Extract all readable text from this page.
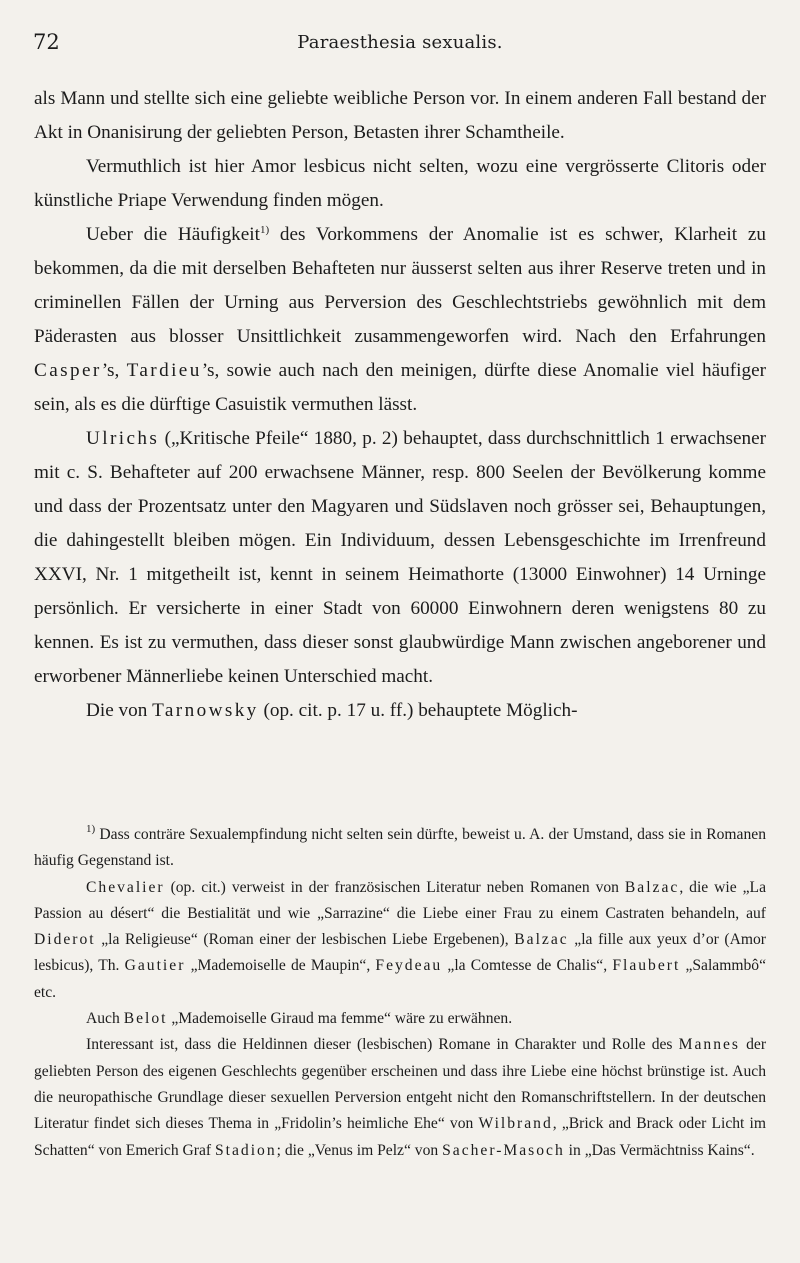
72	Paraesthesia sexualis.

als Mann und stellte sich eine geliebte weibliche Person vor. In einem anderen Fall bestand der Akt in Onanisirung der geliebten Person, Betasten ihrer Schamtheile.

Vermuthlich ist hier Amor lesbicus nicht selten, wozu eine vergrösserte Clitoris oder künstliche Priape Verwendung finden mögen.

Ueber die Häufigkeit$^{1)}$ des Vorkommens der Anomalie ist es schwer, Klarheit zu bekommen, da die mit derselben Behafteten nur äusserst selten aus ihrer Reserve treten und in criminellen Fällen der Urning aus Perversion des Geschlechtstriebs gewöhnlich mit dem Päderasten aus blosser Unsittlichkeit zusammengeworfen wird. Nach den Erfahrungen Casper’s, Tardieu’s, sowie auch nach den meinigen, dürfte diese Anomalie viel häufiger sein, als es die dürftige Casuistik vermuthen lässt.

Ulrichs („Kritische Pfeile“ 1880, p. 2) behauptet, dass durchschnittlich 1 erwachsener mit c. S. Behafteter auf 200 erwachsene Männer, resp. 800 Seelen der Bevölkerung komme und dass der Prozentsatz unter den Magyaren und Südslaven noch grösser sei, Behauptungen, die dahingestellt bleiben mögen. Ein Individuum, dessen Lebensgeschichte im Irrenfreund XXVI, Nr. 1 mitgetheilt ist, kennt in seinem Heimathorte (13000 Einwohner) 14 Urninge persönlich. Er versicherte in einer Stadt von 60000 Einwohnern deren wenigstens 80 zu kennen. Es ist zu vermuthen, dass dieser sonst glaubwürdige Mann zwischen angeborener und erworbener Männerliebe keinen Unterschied macht.

Die von Tarnowsky (op. cit. p. 17 u. ff.) behauptete Möglich-

$^{1)}$ Dass conträre Sexualempfindung nicht selten sein dürfte, beweist u. A. der Umstand, dass sie in Romanen häufig Gegenstand ist.

Chevalier (op. cit.) verweist in der französischen Literatur neben Romanen von Balzac, die wie „La Passion au désert“ die Bestialität und wie „Sarrazine“ die Liebe einer Frau zu einem Castraten behandeln, auf Diderot „la Religieuse“ (Roman einer der lesbischen Liebe Ergebenen), Balzac „la fille aux yeux d’or (Amor lesbicus), Th. Gautier „Mademoiselle de Maupin“, Feydeau „la Comtesse de Chalis“, Flaubert „Salammbô“ etc.

Auch Belot „Mademoiselle Giraud ma femme“ wäre zu erwähnen.

Interessant ist, dass die Heldinnen dieser (lesbischen) Romane in Charakter und Rolle des Mannes der geliebten Person des eigenen Geschlechts gegenüber erscheinen und dass ihre Liebe eine höchst brünstige ist. Auch die neuropathische Grundlage dieser sexuellen Perversion entgeht nicht den Romanschriftstellern. In der deutschen Literatur findet sich dieses Thema in „Fridolin’s heimliche Ehe“ von Wilbrand, „Brick and Brack oder Licht im Schatten“ von Emerich Graf Stadion; die „Venus im Pelz“ von Sacher-Masoch in „Das Vermächtniss Kains“.
